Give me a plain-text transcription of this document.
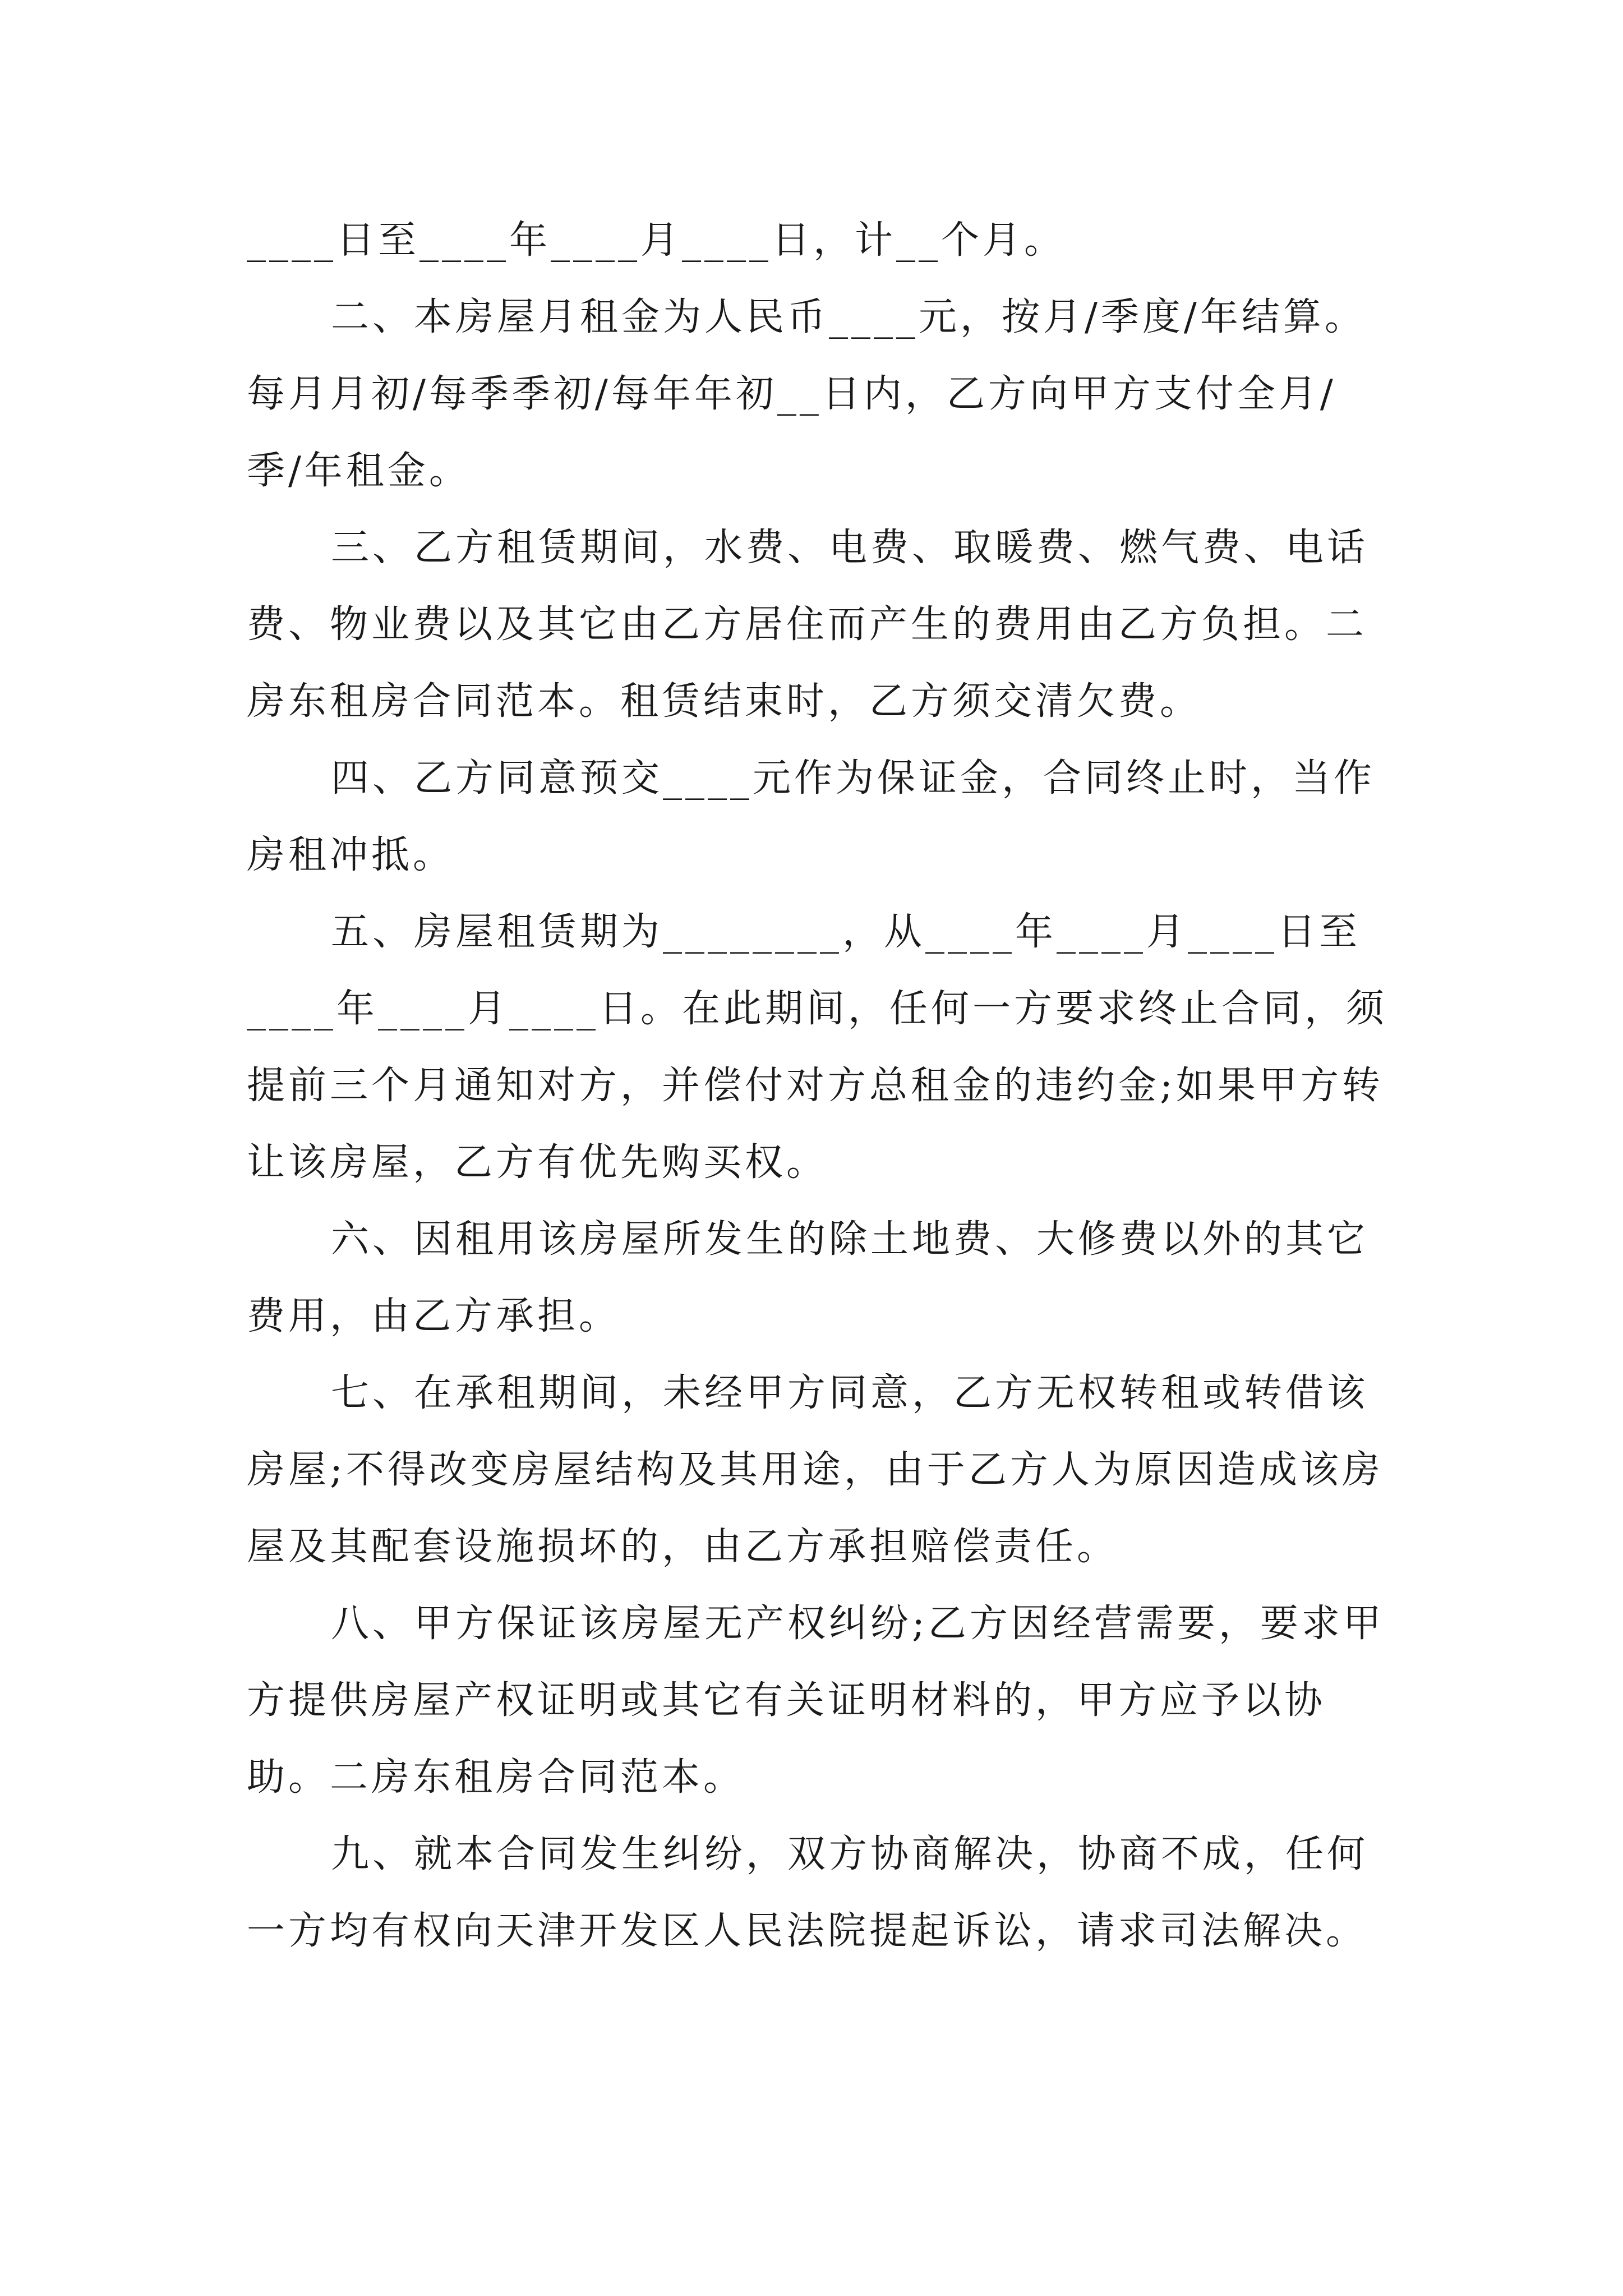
____日至____年____月____日，计__个月。

二、本房屋月租金为人民币____元，按月/季度/年结算。每月月初/每季季初/每年年初__日内，乙方向甲方支付全月/季/年租金。

三、乙方租赁期间，水费、电费、取暖费、燃气费、电话费、物业费以及其它由乙方居住而产生的费用由乙方负担。二房东租房合同范本。租赁结束时，乙方须交清欠费。

四、乙方同意预交____元作为保证金，合同终止时，当作房租冲抵。

五、房屋租赁期为________，从____年____月____日至____年____月____日。在此期间，任何一方要求终止合同，须提前三个月通知对方，并偿付对方总租金的违约金;如果甲方转让该房屋，乙方有优先购买权。

六、因租用该房屋所发生的除土地费、大修费以外的其它费用，由乙方承担。

七、在承租期间，未经甲方同意，乙方无权转租或转借该房屋;不得改变房屋结构及其用途，由于乙方人为原因造成该房屋及其配套设施损坏的，由乙方承担赔偿责任。

八、甲方保证该房屋无产权纠纷;乙方因经营需要，要求甲方提供房屋产权证明或其它有关证明材料的，甲方应予以协助。二房东租房合同范本。

九、就本合同发生纠纷，双方协商解决，协商不成，任何一方均有权向天津开发区人民法院提起诉讼，请求司法解决。
